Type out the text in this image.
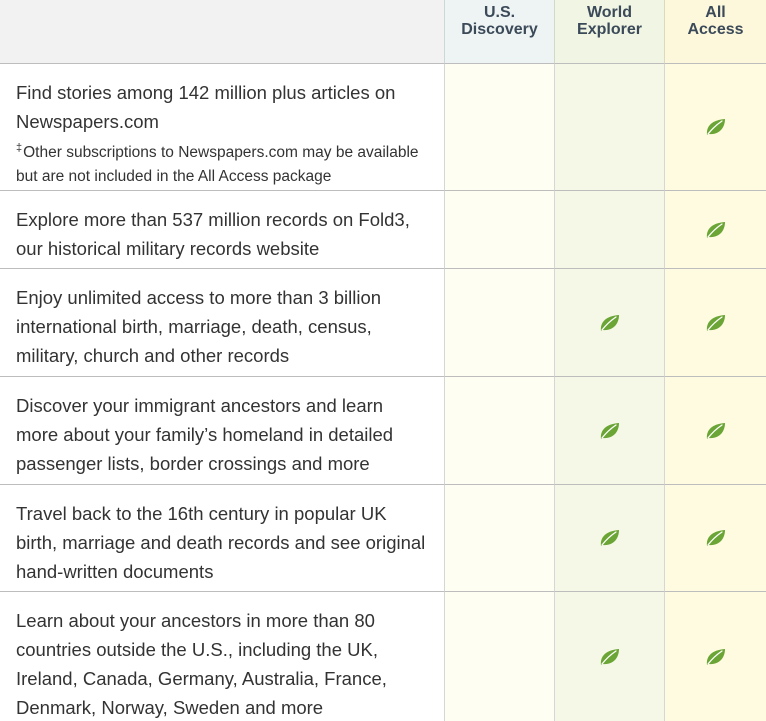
U.S.
Discovery
World
Explorer
All
Access
Find stories among 142 million plus articles on Newspapers.com
‡Other subscriptions to Newspapers.com may be available but are not included in the All Access package
Explore more than 537 million records on Fold3, our historical military records website
Enjoy unlimited access to more than 3 billion international birth, marriage, death, census, military, church and other records
Discover your immigrant ancestors and learn more about your family’s homeland in detailed passenger lists, border crossings and more
Travel back to the 16th century in popular UK birth, marriage and death records and see original hand-written documents
Learn about your ancestors in more than 80 countries outside the U.S., including the UK, Ireland, Canada, Germany, Australia, France, Denmark, Norway, Sweden and more
